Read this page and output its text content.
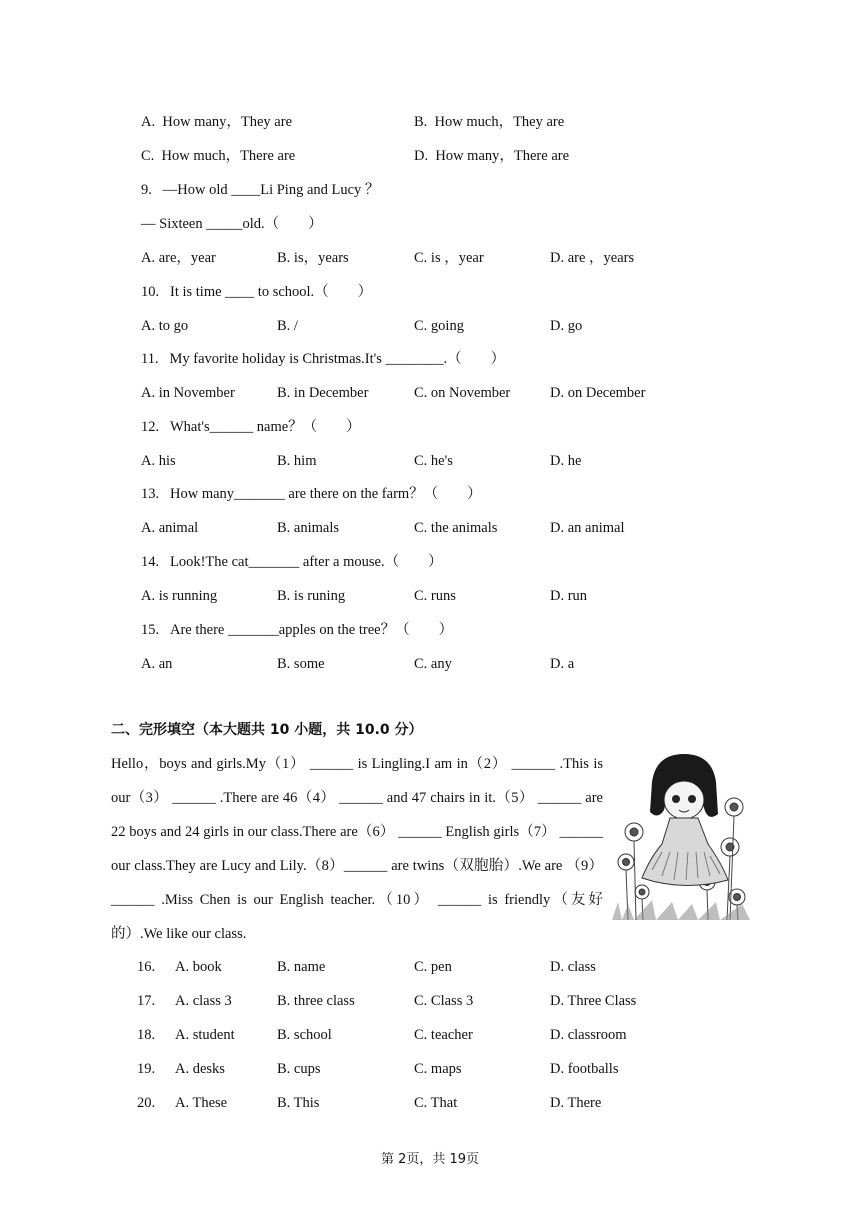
A. How many，They are	B. How much，They are
C. How much，There are	D. How many，There are
9. —How old ____Li Ping and Lucy ？
— Sixteen _____old.（　　）
A. are，year	B. is，years	C. is ，year	D. are ，years
10. It is time ____ to school.（　　）
A. to go	B. /	C. going	D. go
11. My favorite holiday is Christmas.It's ________.（　　）
A. in November	B. in December	C. on November	D. on December
12. What's______ name？（　　）
A. his	B. him	C. he's	D. he
13. How many_______ are there on the farm？（　　）
A. animal	B. animals	C. the animals	D. an animal
14. Look!The cat_______ after a mouse.（　　）
A. is running	B. is runing	C. runs	D. run
15. Are there _______apples on the tree？（　　）
A. an	B. some	C. any	D. a
二、完形填空（本大题共 10 小题，共 10.0 分）

Hello，boys and girls.My（1） ______ is Lingling.I am in（2） ______ .This is our（3） ______ .There are 46（4） ______ and 47 chairs in it.（5） ______ are 22 boys and 24 girls in our class.There are（6） ______ English girls（7） ______ our class.They are Lucy and Lily.（8）______ are twins（双胞胎）.We are （9） ______ .Miss Chen is our English teacher.（10） ______ is friendly（友好的）.We like our class.

16. A. book	B. name	C. pen	D. class
17. A. class 3	B. three class	C. Class 3	D. Three Class
18. A. student	B. school	C. teacher	D. classroom
19. A. desks	B. cups	C. maps	D. footballs
20. A. These	B. This	C. That	D. There
第 2页，共 19页
